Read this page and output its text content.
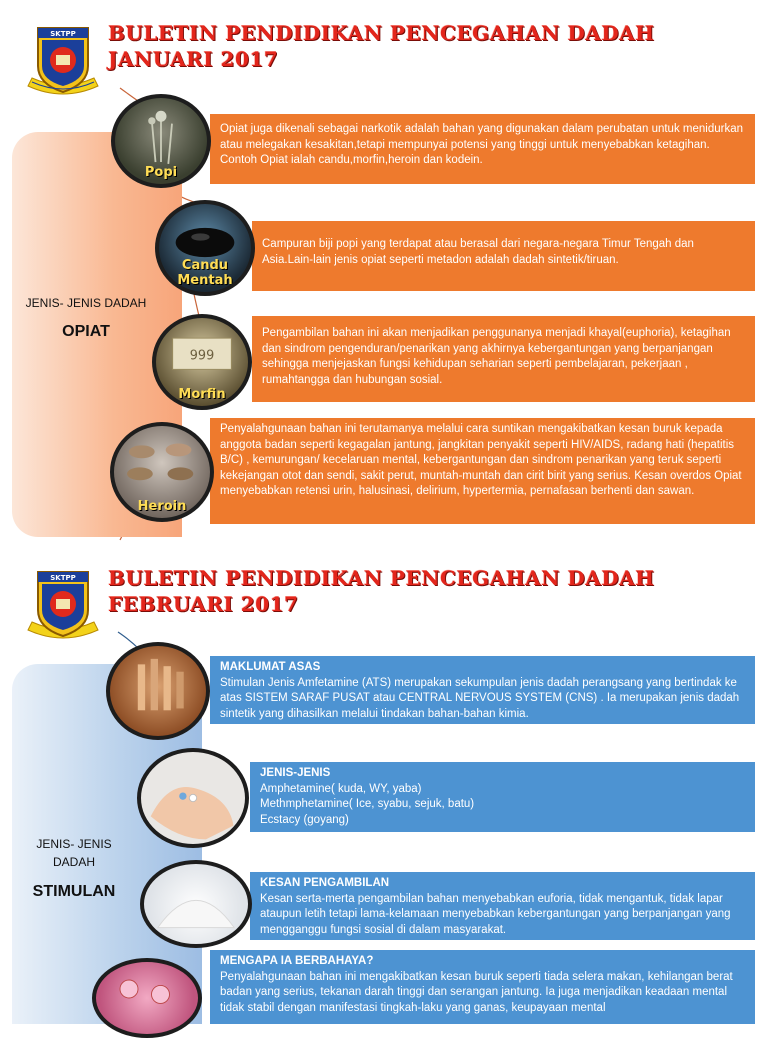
SKTPP BULETIN PENDIDIKAN PENCEGAHAN DADAH
JANUARI 2017
JENIS- JENIS DADAH
OPIAT
Opiat juga dikenali sebagai narkotik adalah bahan yang digunakan dalam perubatan untuk menidurkan atau melegakan kesakitan,tetapi mempunyai potensi yang tinggi untuk menyebabkan ketagihan. Contoh Opiat ialah candu,morfin,heroin dan kodein.
Campuran biji popi yang terdapat atau berasal dari negara-negara Timur Tengah dan Asia.Lain-lain jenis opiat seperti metadon adalah dadah sintetik/tiruan.
Pengambilan bahan ini akan menjadikan penggunanya menjadi khayal(euphoria), ketagihan dan sindrom pengenduran/penarikan yang akhirnya kebergantungan yang berpanjangan sehingga menjejaskan fungsi kehidupan seharian seperti pembelajaran, pekerjaan , rumahtangga dan hubungan sosial.
Penyalahgunaan bahan ini terutamanya melalui cara suntikan mengakibatkan kesan buruk kepada anggota badan seperti kegagalan jantung, jangkitan penyakit seperti HIV/AIDS, radang hati (hepatitis B/C) , kemurungan/ kecelaruan mental, kebergantungan dan sindrom penarikan yang teruk seperti kekejangan otot dan sendi, sakit perut, muntah-muntah dan cirit birit yang serius. Kesan overdos Opiat menyebabkan retensi urin, halusinasi, delirium, hypertermia, pernafasan berhenti dan sawan.
Popi
Candu Mentah
999
Morfin
Heroin
SKTPP BULETIN PENDIDIKAN PENCEGAHAN DADAH
FEBRUARI 2017
JENIS- JENIS
DADAH
STIMULAN
MAKLUMAT ASAS
Stimulan Jenis Amfetamine (ATS) merupakan sekumpulan jenis dadah perangsang yang bertindak ke atas SISTEM SARAF PUSAT atau CENTRAL NERVOUS SYSTEM (CNS) . Ia merupakan jenis dadah sintetik yang dihasilkan melalui tindakan bahan-bahan kimia.
JENIS-JENIS
Amphetamine( kuda, WY, yaba)
Methmphetamine( Ice, syabu, sejuk, batu)
Ecstacy (goyang)
KESAN PENGAMBILAN
Kesan serta-merta pengambilan bahan menyebabkan euforia, tidak mengantuk, tidak lapar ataupun letih tetapi lama-kelamaan menyebabkan kebergantungan yang berpanjangan yang mengganggu fungsi sosial di dalam masyarakat.
MENGAPA IA BERBAHAYA?
Penyalahgunaan bahan ini mengakibatkan kesan buruk seperti tiada selera makan, kehilangan berat badan yang serius, tekanan darah tinggi dan serangan jantung. Ia juga menjadikan keadaan mental tidak stabil dengan manifestasi tingkah-laku yang ganas, keupayaan mental
